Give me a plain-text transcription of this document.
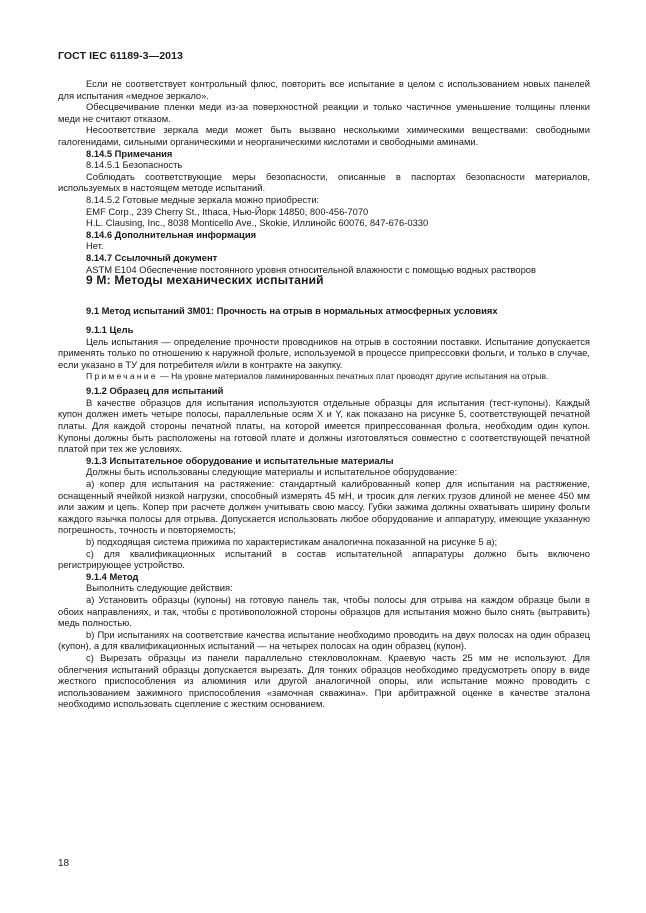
ГОСТ IEC 61189-3—2013

Если не соответствует контрольный флюс, повторить все испытание в целом с использованием новых панелей для испытания «медное зеркало».

Обесцвечивание пленки меди из-за поверхностной реакции и только частичное уменьшение толщины пленки меди не считают отказом.

Несоответствие зеркала меди может быть вызвано несколькими химическими веществами: свободными галогенидами, сильными органическими и неорганическими кислотами и свободными аминами.

8.14.5 Примечания

8.14.5.1 Безопасность

Соблюдать соответствующие меры безопасности, описанные в паспортах безопасности материалов, используемых в настоящем методе испытаний.

8.14.5.2 Готовые медные зеркала можно приобрести:

EMF Corp., 239 Cherry St., Ithaca, Нью-Йорк 14850, 800-456-7070

H.L. Clausing, Inc., 8038 Monticello Ave., Skokie, Иллинойс 60076, 847-676-0330

8.14.6 Дополнительная информация

Нет.

8.14.7 Ссылочный документ

ASTM E104 Обеспечение постоянного уровня относительной влажности с помощью водных растворов

9 М: Методы механических испытаний

9.1 Метод испытаний 3М01: Прочность на отрыв в нормальных атмосферных условиях

9.1.1 Цель

Цель испытания — определение прочности проводников на отрыв в состоянии поставки. Испытание допускается применять только по отношению к наружной фольге, используемой в процессе припрессовки фольги, и только в случае, если указано в ТУ для потребителя и/или в контракте на закупку.

Примечание — На уровне материалов ламинированных печатных плат проводят другие испытания на отрыв.

9.1.2 Образец для испытаний

В качестве образцов для испытания используются отдельные образцы для испытания (тест-купоны). Каждый купон должен иметь четыре полосы, параллельные осям X и Y, как показано на рисунке 5, соответствующей печатной платы. Для каждой стороны печатной платы, на которой имеется припрессованная фольга, необходим один купон. Купоны должны быть расположены на готовой плате и должны изготовляться совместно с соответствующей печатной платой при тех же условиях.

9.1.3 Испытательное оборудование и испытательные материалы

Должны быть использованы следующие материалы и испытательное оборудование:

a) копер для испытания на растяжение: стандартный калиброванный копер для испытания на растяжение, оснащенный ячейкой низкой нагрузки, способный измерять 45 мН, и тросик для легких грузов длиной не менее 450 мм или зажим и цепь. Копер при расчете должен учитывать свою массу. Губки зажима должны охватывать ширину фольги каждого язычка полосы для отрыва. Допускается использовать любое оборудование и аппаратуру, имеющие указанную погрешность, точность и повторяемость;

b) подходящая система прижима по характеристикам аналогична показанной на рисунке 5 a);

c) для квалификационных испытаний в состав испытательной аппаратуры должно быть включено регистрирующее устройство.

9.1.4 Метод

Выполнить следующие действия:

a) Установить образцы (купоны) на готовую панель так, чтобы полосы для отрыва на каждом образце были в обоих направлениях, и так, чтобы с противоположной стороны образцов для испытания можно было снять (вытравить) медь полностью.

b) При испытаниях на соответствие качества испытание необходимо проводить на двух полосах на один образец (купон), а для квалификационных испытаний — на четырех полосах на один образец (купон).

c) Вырезать образцы из панели параллельно стекловолокнам. Краевую часть 25 мм не используют. Для облегчения испытаний образцы допускается вырезать. Для тонких образцов необходимо предусмотреть опору в виде жесткого приспособления из алюминия или другой аналогичной опоры, или испытание можно проводить с использованием зажимного приспособления «замочная скважина». При арбитражной оценке в качестве эталона необходимо использовать сцепление с жестким основанием.

18
